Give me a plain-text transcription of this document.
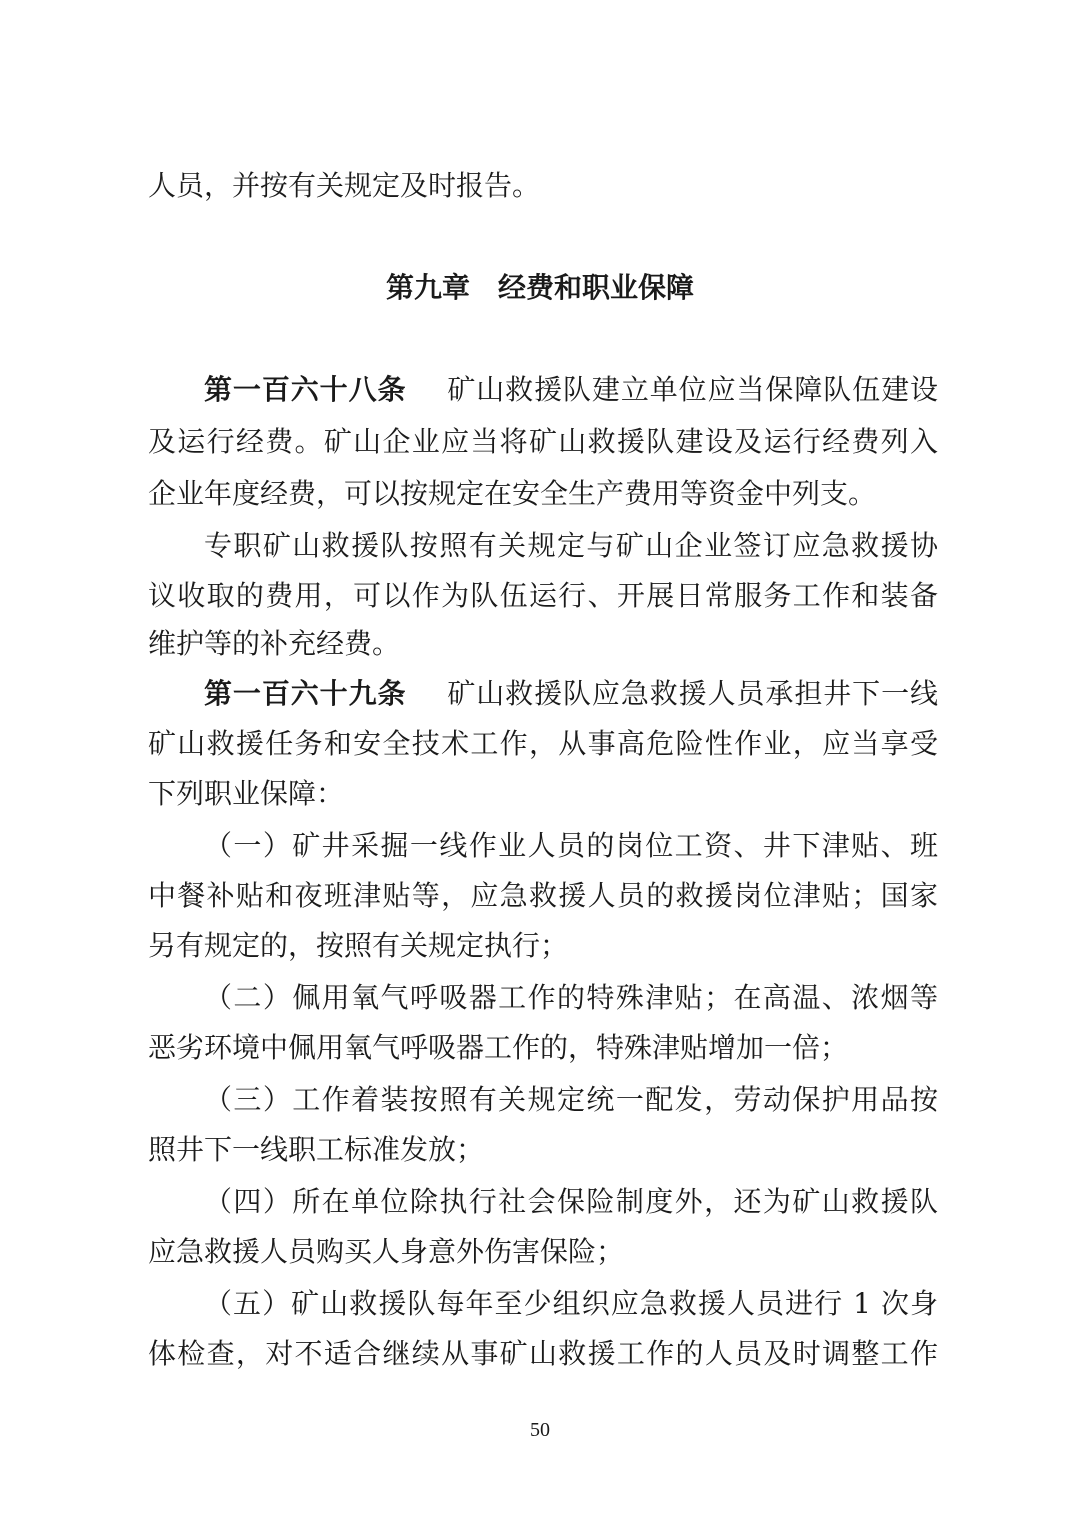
人员，并按有关规定及时报告。
第九章　经费和职业保障
第一百六十八条 矿山救援队建立单位应当保障队伍建设
及运行经费。矿山企业应当将矿山救援队建设及运行经费列入
企业年度经费，可以按规定在安全生产费用等资金中列支。
专职矿山救援队按照有关规定与矿山企业签订应急救援协
议收取的费用，可以作为队伍运行、开展日常服务工作和装备
维护等的补充经费。
第一百六十九条 矿山救援队应急救援人员承担井下一线
矿山救援任务和安全技术工作，从事高危险性作业，应当享受
下列职业保障：
（一）矿井采掘一线作业人员的岗位工资、井下津贴、班
中餐补贴和夜班津贴等，应急救援人员的救援岗位津贴；国家
另有规定的，按照有关规定执行；
（二）佩用氧气呼吸器工作的特殊津贴；在高温、浓烟等
恶劣环境中佩用氧气呼吸器工作的，特殊津贴增加一倍；
（三）工作着装按照有关规定统一配发，劳动保护用品按
照井下一线职工标准发放；
（四）所在单位除执行社会保险制度外，还为矿山救援队
应急救援人员购买人身意外伤害保险；
（五）矿山救援队每年至少组织应急救援人员进行 1 次身
体检查，对不适合继续从事矿山救援工作的人员及时调整工作
50
